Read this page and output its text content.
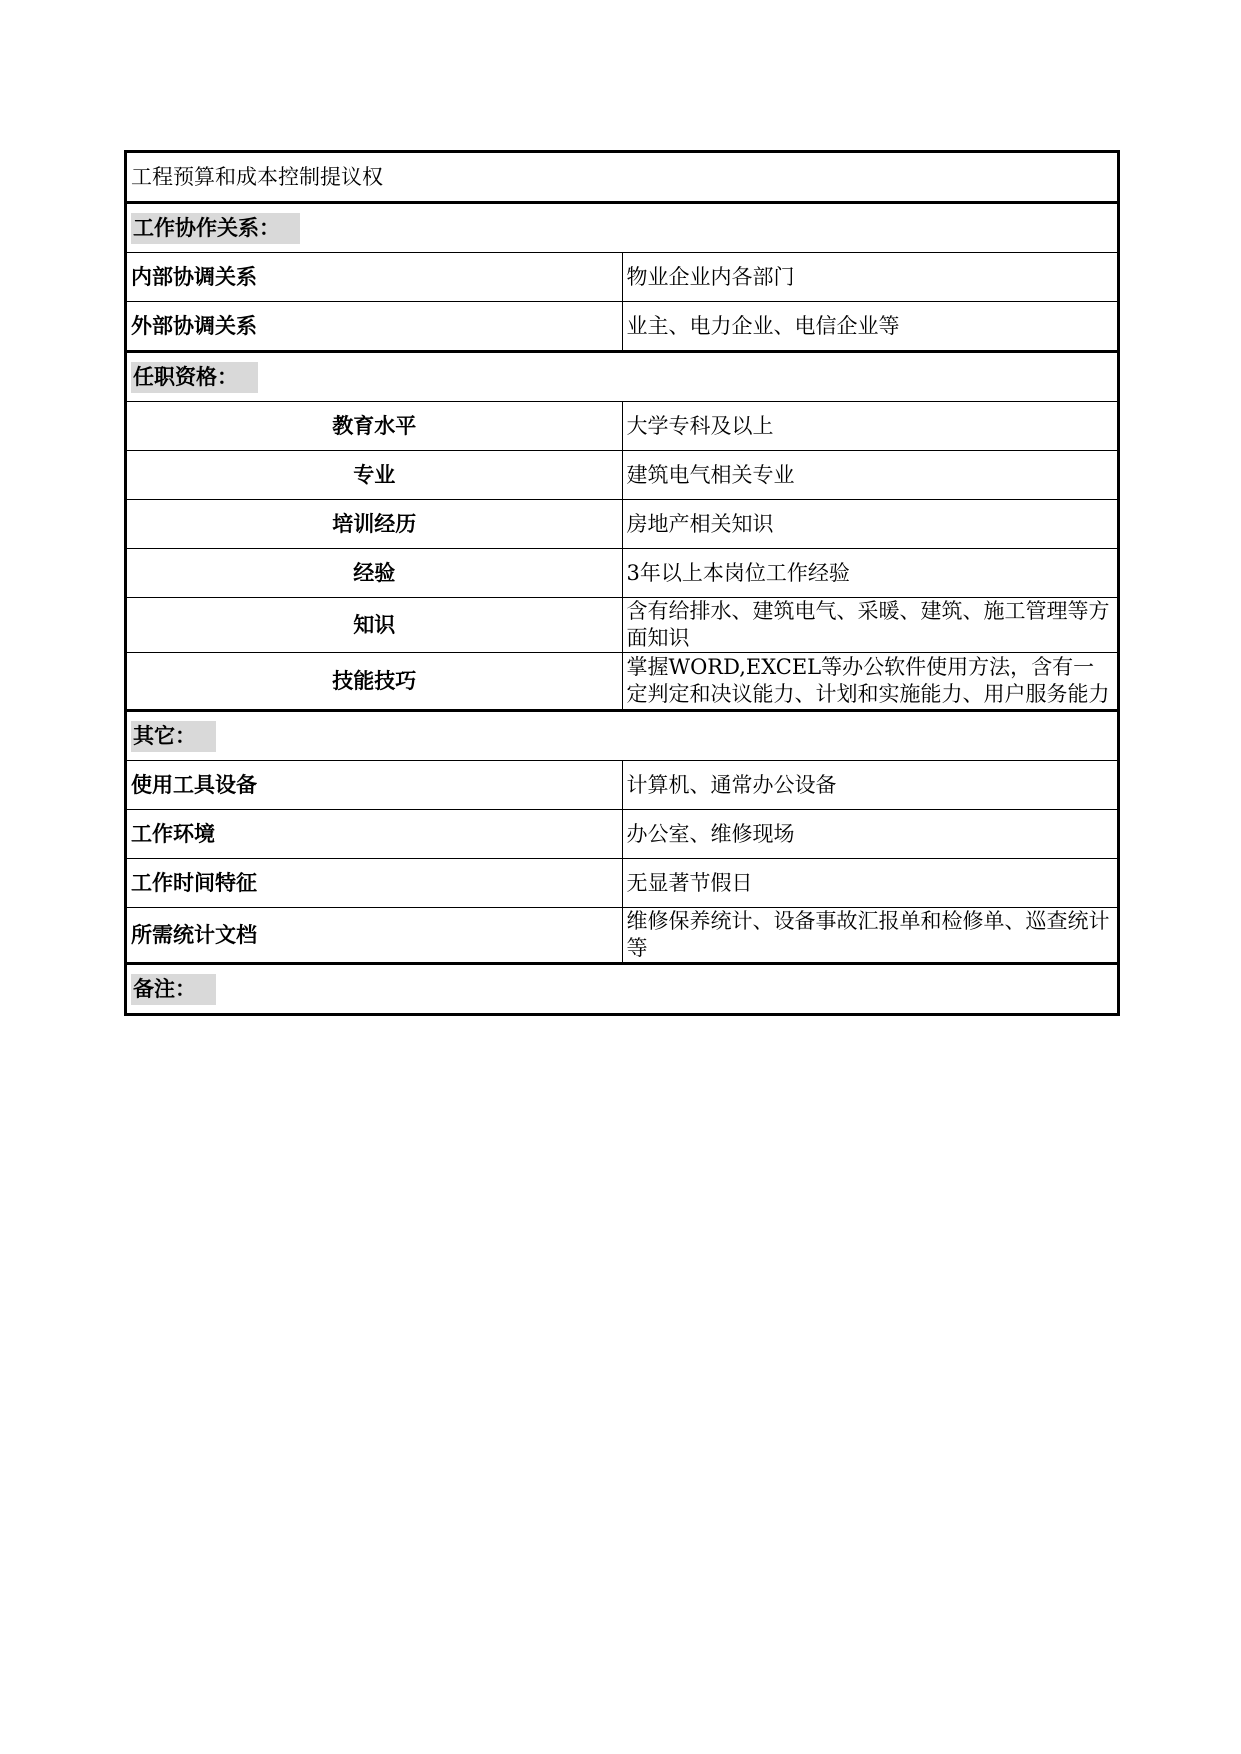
工程预算和成本控制提议权	
工作协作关系：	
内部协调关系	物业企业内各部门
外部协调关系	业主、电力企业、电信企业等
任职资格：	
教育水平	大学专科及以上
专业	建筑电气相关专业
培训经历	房地产相关知识
经验	3年以上本岗位工作经验
知识	含有给排水、建筑电气、采暖、建筑、施工管理等方面知识
技能技巧	掌握WORD,EXCEL等办公软件使用方法，含有一定判定和决议能力、计划和实施能力、用户服务能力
其它：	
使用工具设备	计算机、通常办公设备
工作环境	办公室、维修现场
工作时间特征	无显著节假日
所需统计文档	维修保养统计、设备事故汇报单和检修单、巡查统计等
备注：	
